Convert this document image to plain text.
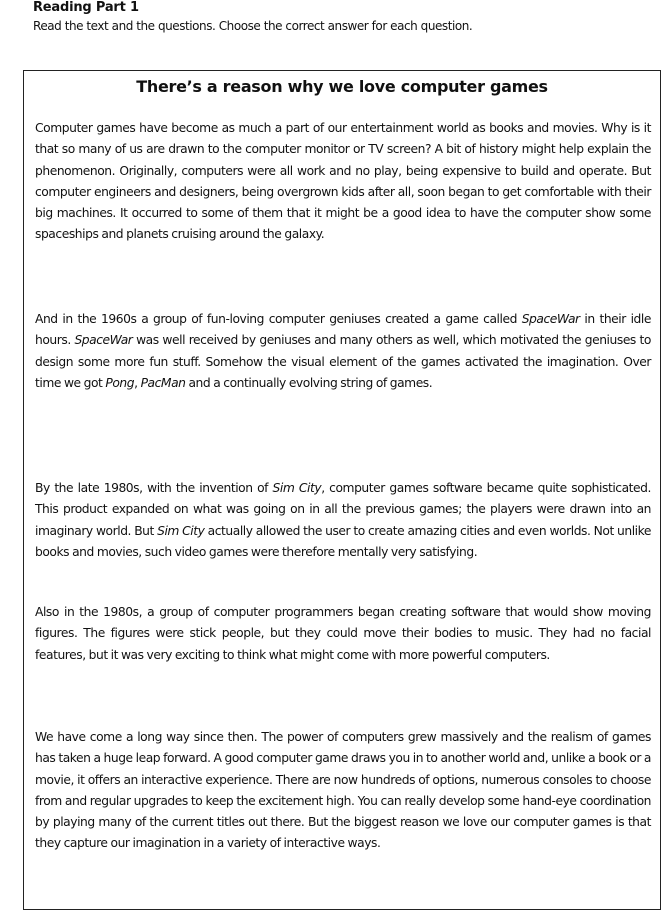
Reading Part 1
Read the text and the questions. Choose the correct answer for each question.
There’s a reason why we love computer games
Computer games have become as much a part of our entertainment world as books and movies. Why is it that so many of us are drawn to the computer monitor or TV screen? A bit of history might help explain the phenomenon. Originally, computers were all work and no play, being expensive to build and operate. But computer engineers and designers, being overgrown kids after all, soon began to get comfortable with their big machines. It occurred to some of them that it might be a good idea to have the computer show some spaceships and planets cruising around the galaxy.
And in the 1960s a group of fun-loving computer geniuses created a game called SpaceWar in their idle hours. SpaceWar was well received by geniuses and many others as well, which motivated the geniuses to design some more fun stuff. Somehow the visual element of the games activated the imagination. Over time we got Pong, PacMan and a continually evolving string of games.
By the late 1980s, with the invention of Sim City, computer games software became quite sophisticated. This product expanded on what was going on in all the previous games; the players were drawn into an imaginary world. But Sim City actually allowed the user to create amazing cities and even worlds. Not unlike books and movies, such video games were therefore mentally very satisfying.
Also in the 1980s, a group of computer programmers began creating software that would show moving figures. The figures were stick people, but they could move their bodies to music. They had no facial features, but it was very exciting to think what might come with more powerful computers.
We have come a long way since then. The power of computers grew massively and the realism of games has taken a huge leap forward. A good computer game draws you in to another world and, unlike a book or a movie, it offers an interactive experience. There are now hundreds of options, numerous consoles to choose from and regular upgrades to keep the excitement high. You can really develop some hand-eye coordination by playing many of the current titles out there. But the biggest reason we love our computer games is that they capture our imagination in a variety of interactive ways.
